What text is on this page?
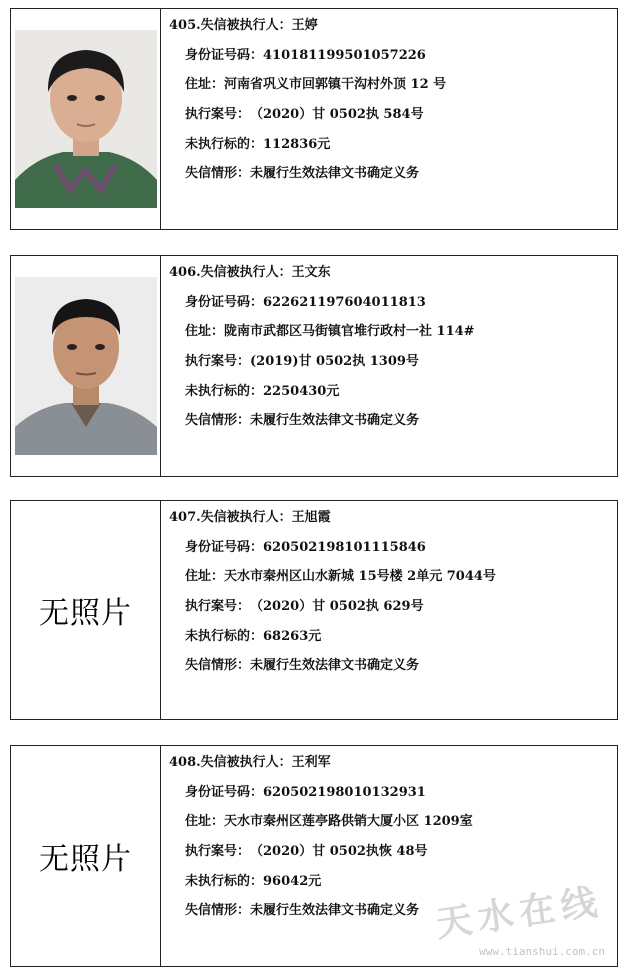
405.失信被执行人：王婷
身份证号码： 410181199501057226
住址： 河南省巩义市回郭镇干沟村外顶 12 号
执行案号： （2020）甘 0502执 584号
未执行标的： 112836元
失信情形： 未履行生效法律文书确定义务
406.失信被执行人：王文东
身份证号码： 622621197604011813
住址： 陇南市武都区马街镇官堆行政村一社 114#
执行案号： (2019)甘 0502执 1309号
未执行标的： 2250430元
失信情形： 未履行生效法律文书确定义务
无照片
407.失信被执行人：王旭霞
身份证号码： 620502198101115846
住址： 天水市秦州区山水新城 15号楼 2单元 7044号
执行案号： （2020）甘 0502执 629号
未执行标的： 68263元
失信情形： 未履行生效法律文书确定义务
无照片
408.失信被执行人：王利军
身份证号码： 620502198010132931
住址： 天水市秦州区莲亭路供销大厦小区 1209室
执行案号： （2020）甘 0502执恢 48号
未执行标的： 96042元
失信情形： 未履行生效法律文书确定义务 天水在线
www.tianshui.com.cn
